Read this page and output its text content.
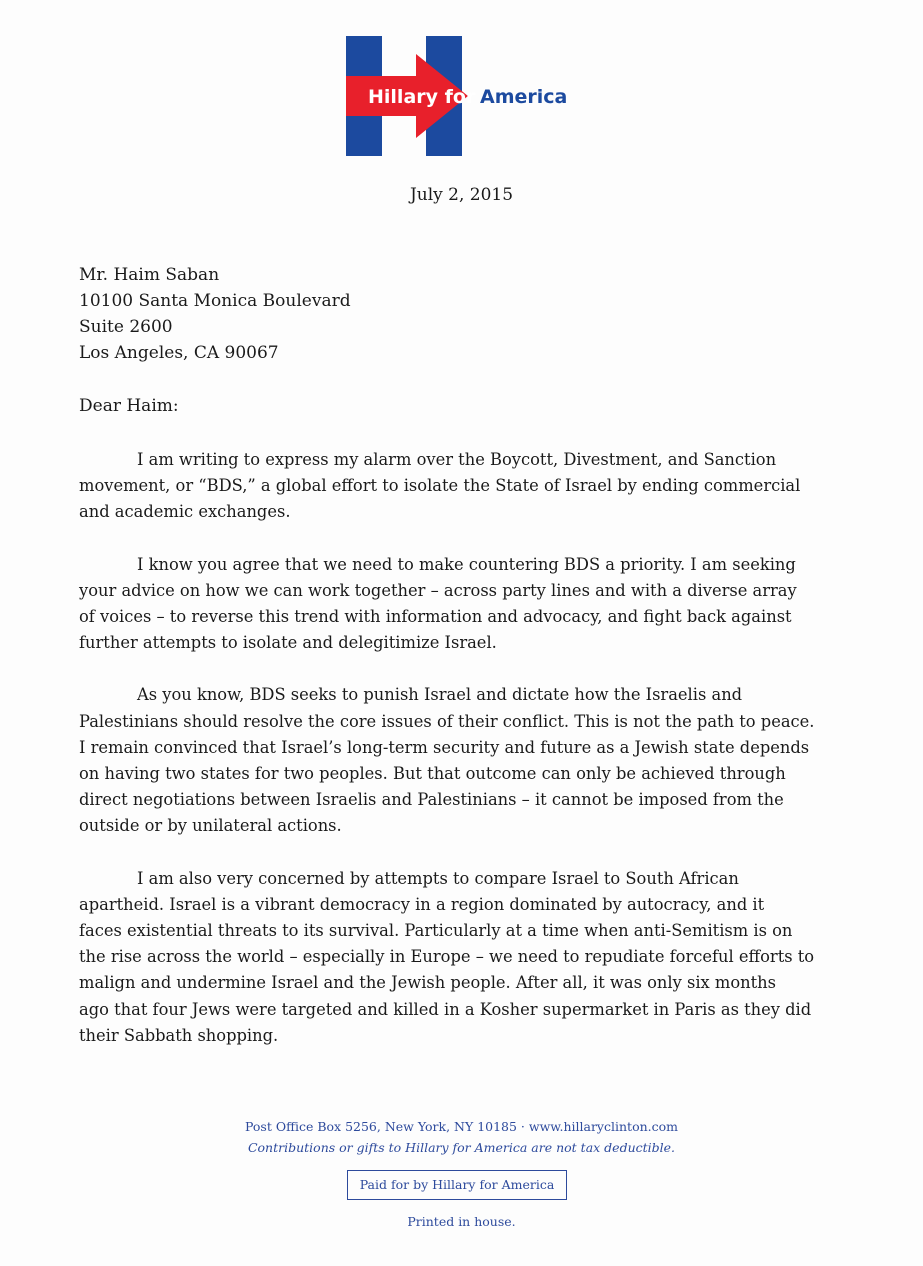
Hillary for America
July 2, 2015
Mr. Haim Saban
10100 Santa Monica Boulevard
Suite 2600
Los Angeles, CA 90067
Dear Haim:

I am writing to express my alarm over the Boycott, Divestment, and Sanction
movement, or “BDS,” a global effort to isolate the State of Israel by ending commercial
and academic exchanges.

I know you agree that we need to make countering BDS a priority. I am seeking
your advice on how we can work together – across party lines and with a diverse array
of voices – to reverse this trend with information and advocacy, and fight back against
further attempts to isolate and delegitimize Israel.

As you know, BDS seeks to punish Israel and dictate how the Israelis and
Palestinians should resolve the core issues of their conflict. This is not the path to peace.
I remain convinced that Israel’s long-term security and future as a Jewish state depends
on having two states for two peoples. But that outcome can only be achieved through
direct negotiations between Israelis and Palestinians – it cannot be imposed from the
outside or by unilateral actions.

I am also very concerned by attempts to compare Israel to South African
apartheid. Israel is a vibrant democracy in a region dominated by autocracy, and it
faces existential threats to its survival. Particularly at a time when anti-Semitism is on
the rise across the world – especially in Europe – we need to repudiate forceful efforts to
malign and undermine Israel and the Jewish people. After all, it was only six months
ago that four Jews were targeted and killed in a Kosher supermarket in Paris as they did
their Sabbath shopping.

Post Office Box 5256, New York, NY 10185 · www.hillaryclinton.com
Contributions or gifts to Hillary for America are not tax deductible.
Paid for by Hillary for America
Printed in house.
